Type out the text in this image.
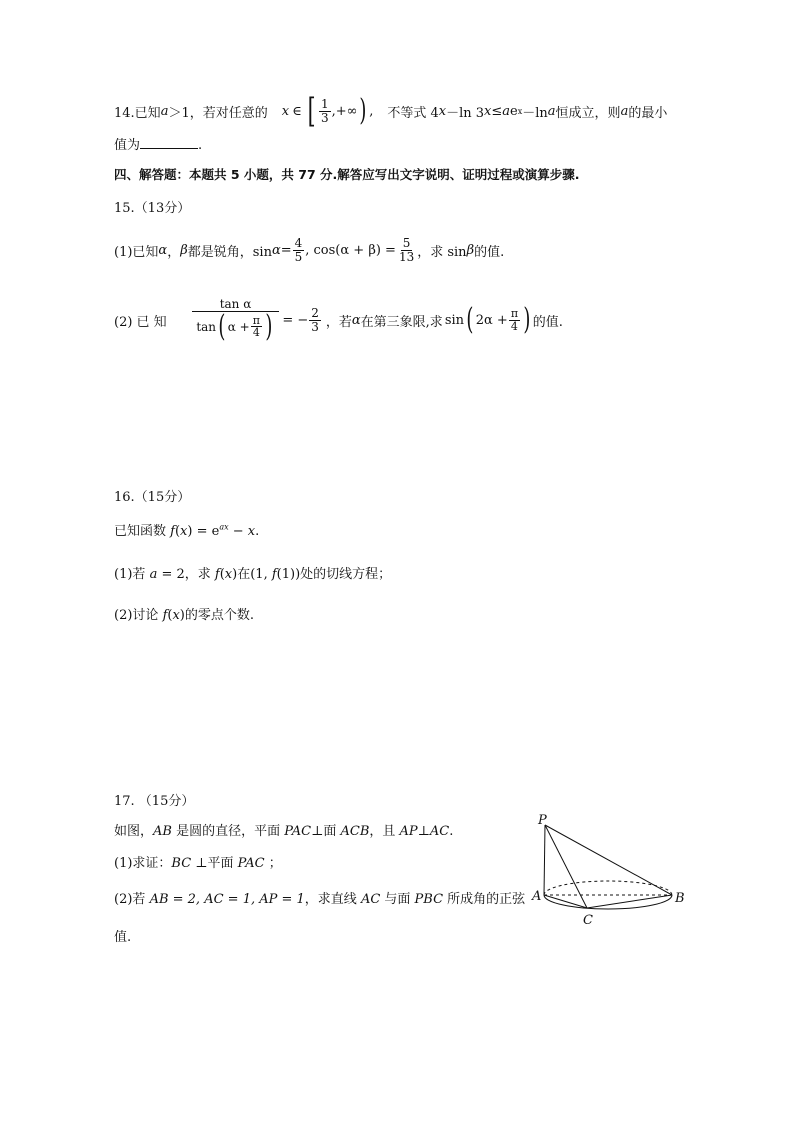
14.已知 a ＞1，若对任意的 x ∈ [ $\frac{1}{3}$ ,+∞ ) , 不等式 4 x －ln 3 x ≤ a e x －ln a 恒成立，则 a 的最小
值为	.
四、解答题：本题共 5 小题，共 77 分.解答应写出文字说明、证明过程或演算步骤.
15.（13分）
(1)已知 α ， β 都是锐角，$\sin \alpha = \frac{4}{5}$ , $\cos(\alpha + \beta) = \frac{5}{13}$ ，求 sin β 的值.
(2) 已 知 $\frac{\text{tan α}}{\tan ( \alpha + \frac{\pi}{4} )}$ = − $\frac{2}{3}$ ，若 α 在第三象限,求 sin ( $2\alpha + \frac{\pi}{4}$ ) 的值.
16.（15分）
已知函数 $f(x) = e^{ax} - x$.
(1)若 a = 2，求 f(x)在(1, f(1))处的切线方程；
(2)讨论 f(x)的零点个数.
17. （15分）
如图，AB 是圆的直径，平面 PAC⊥面 ACB，且 AP⊥AC.
(1)求证：BC ⊥平面 PAC ；
(2)若 AB = 2, AC = 1, AP = 1，求直线 AC 与面 PBC 所成角的正弦
值.
P
A	B
C
